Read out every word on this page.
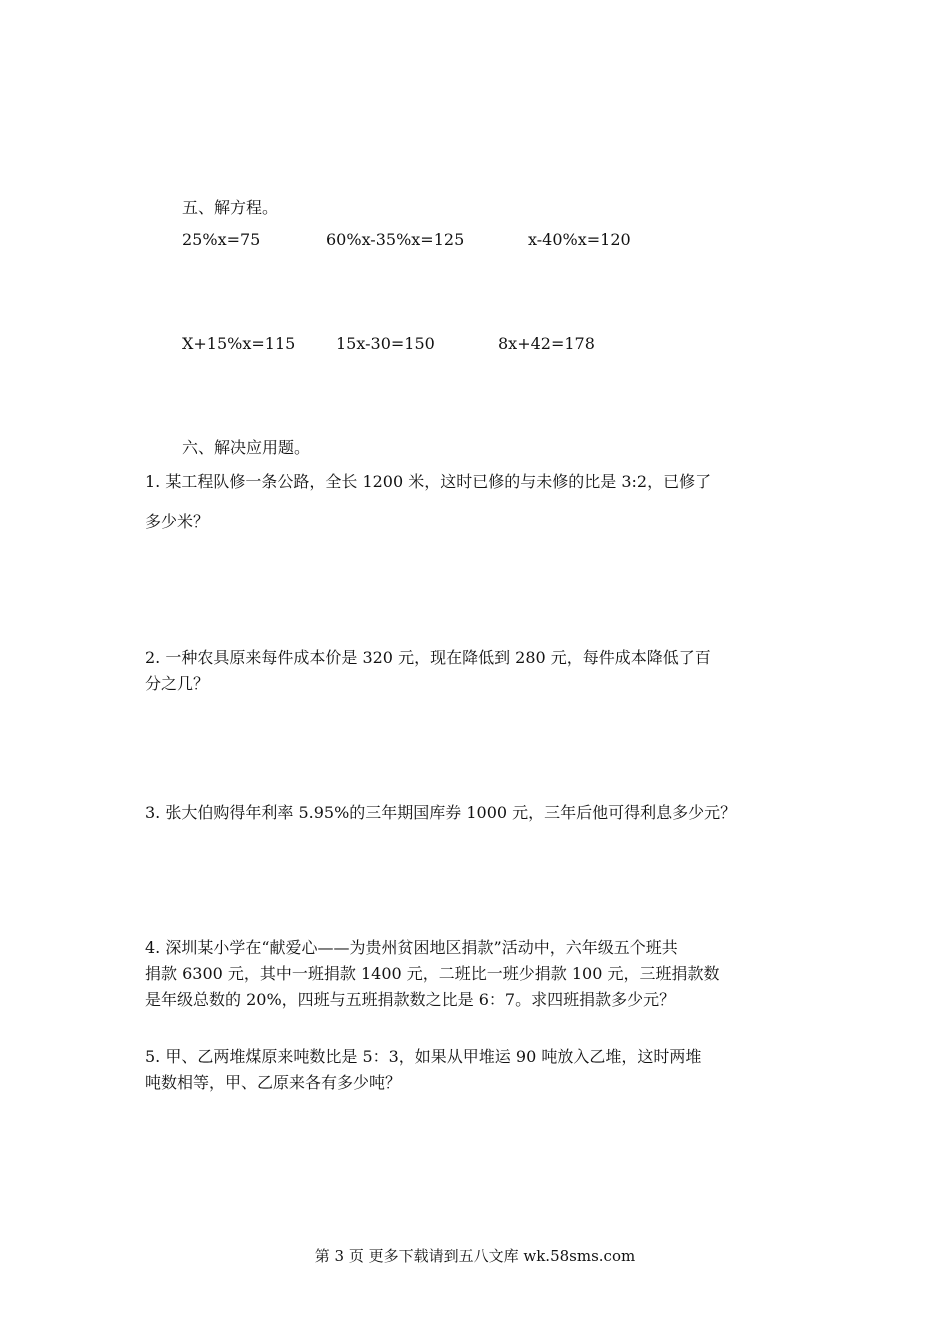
五、解方程。
25%x=75	60%x-35%x=125	x-40%x=120
X+15%x=115	15x-30=150	8x+42=178
六、解决应用题。
1. 某工程队修一条公路，全长 1200 米，这时已修的与未修的比是 3:2，已修了
多少米？
2. 一种农具原来每件成本价是 320 元，现在降低到 280 元，每件成本降低了百
分之几？
3. 张大伯购得年利率 5.95%的三年期国库券 1000 元，三年后他可得利息多少元？
4. 深圳某小学在“献爱心——为贵州贫困地区捐款”活动中，六年级五个班共
捐款 6300 元，其中一班捐款 1400 元，二班比一班少捐款 100 元，三班捐款数
是年级总数的 20%，四班与五班捐款数之比是 6：7。求四班捐款多少元？
5. 甲、乙两堆煤原来吨数比是 5：3，如果从甲堆运 90 吨放入乙堆，这时两堆
吨数相等，甲、乙原来各有多少吨？
第 3 页 更多下载请到五八文库 wk.58sms.com
